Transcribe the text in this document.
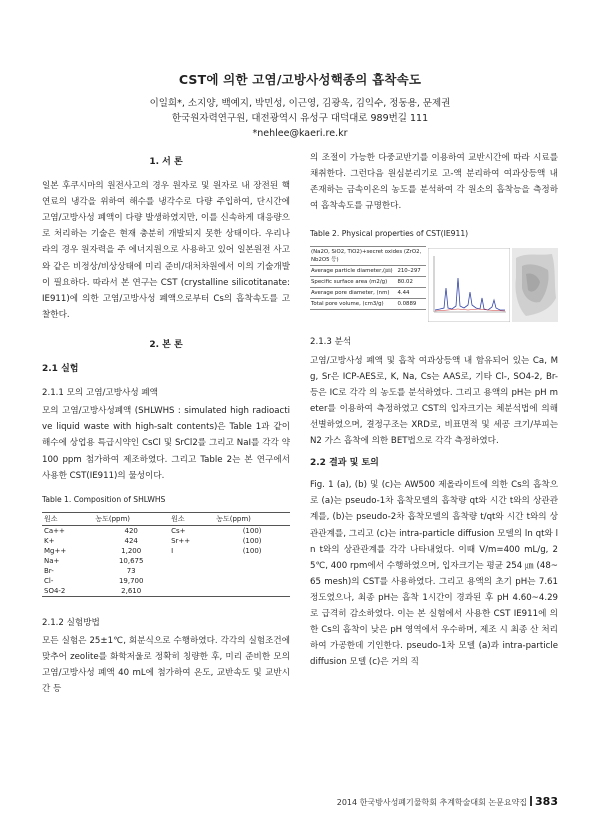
CST에 의한 고염/고방사성핵종의 흡착속도
이일희*, 소지양, 백예지, 박민성, 이근영, 김광욱, 김익수, 정동용, 문제권
한국원자력연구원, 대전광역시 유성구 대덕대로 989번길 111
*nehlee@kaeri.re.kr
1. 서 론

일본 후쿠시마의 원전사고의 경우 원자로 및 원자로 내 장전된 핵연료의 냉각을 위하여 해수를 냉각수로 다량 주입하여, 단시간에 고염/고방사성 폐액이 다량 발생하였지만, 이를 신속하게 대응량으로 처리하는 기술은 현재 충분히 개발되지 못한 상태이다. 우리나라의 경우 원자력을 주 에너지원으로 사용하고 있어 일본원전 사고와 같은 비정상/비상상태에 미리 준비/대처차원에서 이의 기술개발이 필요하다. 따라서 본 연구는 CST (crystalline silicotitanate: IE911)에 의한 고염/고방사성 폐액으로부터 Cs의 흡착속도를 고찰한다.

2. 본 론
2.1 실험
2.1.1 모의 고염/고방사성 폐액

모의 고염/고방사성폐액 (SHLWHS : simulated high radioactive liquid waste with high-salt contents)은 Table 1과 같이 해수에 상업용 특급시약인 CsCl 및 SrCl2를 그리고 NaI를 각각 약 100 ppm 첨가하여 제조하였다. 그리고 Table 2는 본 연구에서 사용한 CST(IE911)의 물성이다.

Table 1. Composition of SHLWHS
원소	농도(ppm)	원소	농도(ppm)
Ca++	420	Cs+	(100)
K+	424	Sr++	(100)
Mg++	1,200	I	(100)
Na+	10,675		
Br-	73		
Cl-	19,700		
SO4-2	2,610		
2.1.2 실험방법

모든 실험은 25±1℃, 회분식으로 수행하였다. 각각의 실험조건에 맞추어 zeolite를 화학저울로 정확히 칭량한 후, 미리 준비한 모의 고염/고방사성 폐액 40 mL에 첨가하여 온도, 교반속도 및 교반시간 등

의 조절이 가능한 다중교반기를 이용하여 교반시간에 따라 시료를 채취한다. 그런다음 원심분리기로 고-액 분리하여 여과상등액 내 존재하는 금속이온의 농도를 분석하여 각 원소의 흡착능을 측정하여 흡착속도를 규명한다.

Table 2. Physical properties of CST(IE911)
(Na2O, SiO2, TiO2)+secret oxides (ZrO2, Nb2O5 등)	
Average particle diameter,(㎛)	210–297
Specific surface area (m2/g)	80.02
Average pore diameter, (nm)	4.44
Total pore volume, (cm3/g)	0.0889
2.1.3 분석

고염/고방사성 폐액 및 흡착 여과상등액 내 함유되어 있는 Ca, Mg, Sr은 ICP-AES로, K, Na, Cs는 AAS로, 기타 Cl-, SO4-2, Br- 등은 IC로 각각 의 농도를 분석하였다. 그리고 용액의 pH는 pH meter를 이용하여 측정하였고 CST의 입자크기는 체분석법에 의해 선별하였으며, 결정구조는 XRD로, 비표면적 및 세공 크기/부피는 N2 가스 흡착에 의한 BET법으로 각각 측정하였다.

2.2 결과 및 토의

Fig. 1 (a), (b) 및 (c)는 AW500 제올라이트에 의한 Cs의 흡착으로 (a)는 pseudo-1차 흡착모델의 흡착량 qt와 시간 t와의 상관관계를, (b)는 pseudo-2차 흡착모델의 흡착량 t/qt와 시간 t와의 상관관계를, 그리고 (c)는 intra-particle diffusion 모델의 ln qt와 ln t와의 상관관계를 각각 나타내었다. 이때 V/m=400 mL/g, 25℃, 400 rpm에서 수행하였으며, 입자크기는 평균 254 ㎛ (48~65 mesh)의 CST를 사용하였다. 그리고 용액의 초기 pH는 7.61 정도였으나, 최종 pH는 흡착 1시간이 경과된 후 pH 4.60~4.29로 급격히 감소하였다. 이는 본 실험에서 사용한 CST IE911에 의한 Cs의 흡착이 낮은 pH 영역에서 우수하며, 제조 시 최종 산 처리하여 가공한데 기인한다. pseudo-1차 모델 (a)과 intra-particle diffusion 모델 (c)은 거의 직

2014 한국방사성폐기물학회 추계학술대회 논문요약집 383
